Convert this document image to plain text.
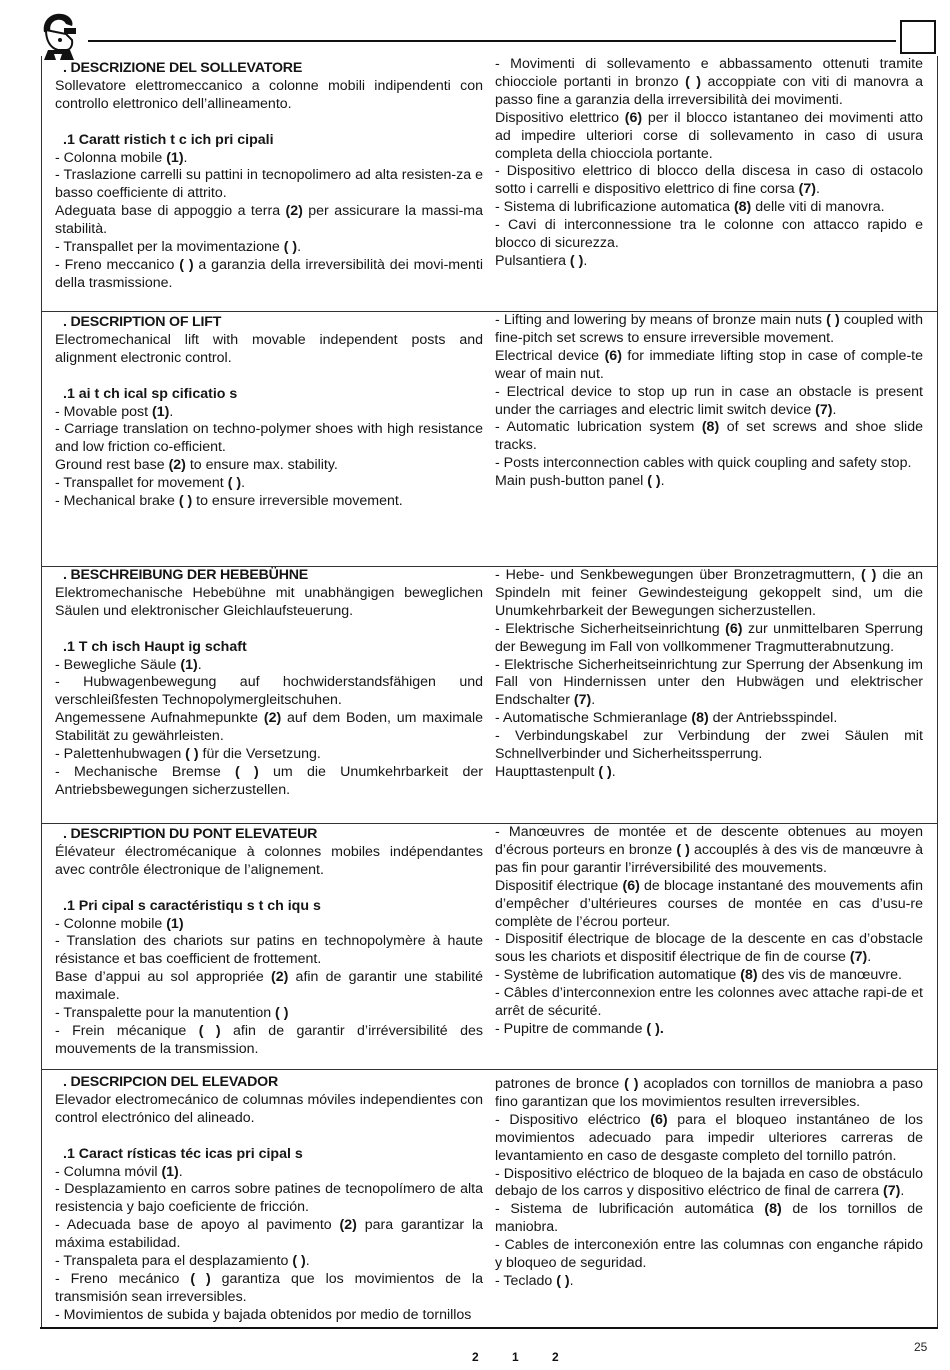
. DESCRIZIONE DEL SOLLEVATORE

Sollevatore elettromeccanico a colonne mobili indipendenti con controllo elettronico dell’allineamento.

.1 Caratt ristich t c ich pri cipali

- Colonna mobile (1).

- Traslazione carrelli su pattini in tecnopolimero ad alta resisten-za e basso coefficiente di attrito.

Adeguata base di appoggio a terra (2) per assicurare la massi-ma stabilità.

- Transpallet per la movimentazione ( ).

- Freno meccanico ( ) a garanzia della irreversibilità dei movi-menti della trasmissione.

- Movimenti di sollevamento e abbassamento ottenuti tramite chiocciole portanti in bronzo ( ) accoppiate con viti di manovra a passo fine a garanzia della irreversibilità dei movimenti.

Dispositivo elettrico (6) per il blocco istantaneo dei movimenti atto ad impedire ulteriori corse di sollevamento in caso di usura completa della chiocciola portante.

- Dispositivo elettrico di blocco della discesa in caso di ostacolo sotto i carrelli e dispositivo elettrico di fine corsa (7).

- Sistema di lubrificazione automatica (8) delle viti di manovra.

- Cavi di interconnessione tra le colonne con attacco rapido e blocco di sicurezza.

Pulsantiera ( ).

. DESCRIPTION OF LIFT

Electromechanical lift with movable independent posts and alignment electronic control.

.1 ai t ch ical sp cificatio s

- Movable post (1).

- Carriage translation on techno-polymer shoes with high resistance and low friction co-efficient.

Ground rest base (2) to ensure max. stability.

- Transpallet for movement ( ).

- Mechanical brake ( ) to ensure irreversible movement.

- Lifting and lowering by means of bronze main nuts ( ) coupled with fine-pitch set screws to ensure irreversible movement.

Electrical device (6) for immediate lifting stop in case of comple-te wear of main nut.

- Electrical device to stop up run in case an obstacle is present under the carriages and electric limit switch device (7).

- Automatic lubrication system (8) of set screws and shoe slide tracks.

- Posts interconnection cables with quick coupling and safety stop.

Main push-button panel ( ).

. BESCHREIBUNG DER HEBEBÜHNE

Elektromechanische Hebebühne mit unabhängigen beweglichen Säulen und elektronischer Gleichlaufsteuerung.

.1 T ch isch Haupt ig schaft

- Bewegliche Säule (1).

- Hubwagenbewegung auf hochwiderstandsfähigen und verschleißfesten Technopolymergleitschuhen.

Angemessene Aufnahmepunkte (2) auf dem Boden, um maximale Stabilität zu gewährleisten.

- Palettenhubwagen ( ) für die Versetzung.

- Mechanische Bremse ( ) um die Unumkehrbarkeit der Antriebsbewegungen sicherzustellen.

- Hebe- und Senkbewegungen über Bronzetragmuttern, ( ) die an Spindeln mit feiner Gewindesteigung gekoppelt sind, um die Unumkehrbarkeit der Bewegungen sicherzustellen.

- Elektrische Sicherheitseinrichtung (6) zur unmittelbaren Sperrung der Bewegung im Fall von vollkommener Tragmutterabnutzung.

- Elektrische Sicherheitseinrichtung zur Sperrung der Absenkung im Fall von Hindernissen unter den Hubwägen und elektrischer Endschalter (7).

- Automatische Schmieranlage (8) der Antriebsspindel.

- Verbindungskabel zur Verbindung der zwei Säulen mit Schnellverbinder und Sicherheitssperrung.

Haupttastenpult ( ).

. DESCRIPTION DU PONT ELEVATEUR

Élévateur électromécanique à colonnes mobiles indépendantes avec contrôle électronique de l’alignement.

.1 Pri cipal s caractéristiqu s t ch iqu s

- Colonne mobile (1)

- Translation des chariots sur patins en technopolymère à haute résistance et bas coefficient de frottement.

Base d’appui au sol appropriée (2) afin de garantir une stabilité maximale.

- Transpalette pour la manutention ( )

- Frein mécanique ( ) afin de garantir d’irréversibilité des mouvements de la transmission.

- Manœuvres de montée et de descente obtenues au moyen d’écrous porteurs en bronze ( ) accouplés à des vis de manœuvre à pas fin pour garantir l’irréversibilité des mouvements.

Dispositif électrique (6) de blocage instantané des mouvements afin d’empêcher d’ultérieures courses de montée en cas d’usu-re complète de l’écrou porteur.

- Dispositif électrique de blocage de la descente en cas d’obstacle sous les chariots et dispositif électrique de fin de course (7).

- Système de lubrification automatique (8) des vis de manœuvre.

- Câbles d’interconnexion entre les colonnes avec attache rapi-de et arrêt de sécurité.

- Pupitre de commande ( ).

. DESCRIPCION DEL ELEVADOR

Elevador electromecánico de columnas móviles independientes con control electrónico del alineado.

.1 Caract rísticas téc icas pri cipal s

- Columna móvil (1).

- Desplazamiento en carros sobre patines de tecnopolímero de alta resistencia y bajo coeficiente de fricción.

- Adecuada base de apoyo al pavimento (2) para garantizar la máxima estabilidad.

- Transpaleta para el desplazamiento ( ).

- Freno mecánico ( ) garantiza que los movimientos de la transmisión sean irreversibles.

- Movimientos de subida y bajada obtenidos por medio de tornillos

patrones de bronce ( ) acoplados con tornillos de maniobra a paso fino garantizan que los movimientos resulten irreversibles.

- Dispositivo eléctrico (6) para el bloqueo instantáneo de los movimientos adecuado para impedir ulteriores carreras de levantamiento en caso de desgaste completo del tornillo patrón.

- Dispositivo eléctrico de bloqueo de la bajada en caso de obstáculo debajo de los carros y dispositivo eléctrico de final de carrera (7).

- Sistema de lubrificación automática (8) de los tornillos de maniobra.

- Cables de interconexión entre las columnas con enganche rápido y bloqueo de seguridad.

- Teclado ( ).

25
2 1 2
